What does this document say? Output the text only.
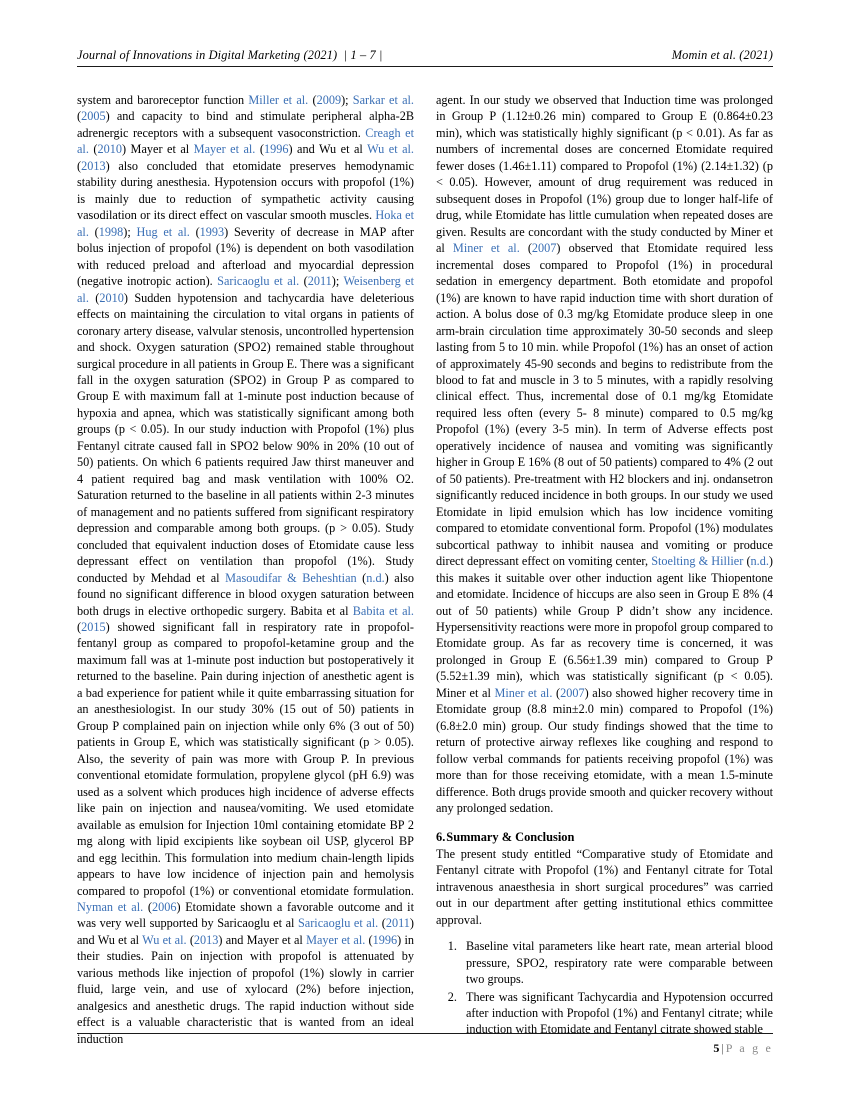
Journal of Innovations in Digital Marketing (2021)  | 1 – 7 |	Momin et al. (2021)

system and baroreceptor function Miller et al. (2009); Sarkar et al. (2005) and capacity to bind and stimulate peripheral alpha-2B adrenergic receptors with a subsequent vasoconstriction. Creagh et al. (2010) Mayer et al Mayer et al. (1996) and Wu et al Wu et al. (2013) also concluded that etomidate preserves hemodynamic stability during anesthesia. Hypotension occurs with propofol (1%) is mainly due to reduction of sympathetic activity causing vasodilation or its direct effect on vascular smooth muscles. Hoka et al. (1998); Hug et al. (1993) Severity of decrease in MAP after bolus injection of propofol (1%) is dependent on both vasodilation with reduced preload and afterload and myocardial depression (negative inotropic action). Saricaoglu et al. (2011); Weisenberg et al. (2010) Sudden hypotension and tachycardia have deleterious effects on maintaining the circulation to vital organs in patients of coronary artery disease, valvular stenosis, uncontrolled hypertension and shock. Oxygen saturation (SPO2) remained stable throughout surgical procedure in all patients in Group E. There was a significant fall in the oxygen saturation (SPO2) in Group P as compared to Group E with maximum fall at 1-minute post induction because of hypoxia and apnea, which was statistically significant among both groups (p < 0.05). In our study induction with Propofol (1%) plus Fentanyl citrate caused fall in SPO2 below 90% in 20% (10 out of 50) patients. On which 6 patients required Jaw thirst maneuver and 4 patient required bag and mask ventilation with 100% O2. Saturation returned to the baseline in all patients within 2-3 minutes of management and no patients suffered from significant respiratory depression and comparable among both groups. (p > 0.05). Study concluded that equivalent induction doses of Etomidate cause less depressant effect on ventilation than propofol (1%). Study conducted by Mehdad et al Masoudifar & Beheshtian (n.d.) also found no significant difference in blood oxygen saturation between both drugs in elective orthopedic surgery. Babita et al Babita et al. (2015) showed significant fall in respiratory rate in propofol-fentanyl group as compared to propofol-ketamine group and the maximum fall was at 1-minute post induction but postoperatively it returned to the baseline. Pain during injection of anesthetic agent is a bad experience for patient while it quite embarrassing situation for an anesthesiologist. In our study 30% (15 out of 50) patients in Group P complained pain on injection while only 6% (3 out of 50) patients in Group E, which was statistically significant (p > 0.05). Also, the severity of pain was more with Group P. In previous conventional etomidate formulation, propylene glycol (pH 6.9) was used as a solvent which produces high incidence of adverse effects like pain on injection and nausea/vomiting. We used etomidate available as emulsion for Injection 10ml containing etomidate BP 2 mg along with lipid excipients like soybean oil USP, glycerol BP and egg lecithin. This formulation into medium chain-length lipids appears to have low incidence of injection pain and hemolysis compared to propofol (1%) or conventional etomidate formulation. Nyman et al. (2006) Etomidate shown a favorable outcome and it was very well supported by Saricaoglu et al Saricaoglu et al. (2011) and Wu et al Wu et al. (2013) and Mayer et al Mayer et al. (1996) in their studies. Pain on injection with propofol is attenuated by various methods like injection of propofol (1%) slowly in carrier fluid, large vein, and use of xylocard (2%) before injection, analgesics and anesthetic drugs. The rapid induction without side effect is a valuable characteristic that is wanted from an ideal induction

agent. In our study we observed that Induction time was prolonged in Group P (1.12±0.26 min) compared to Group E (0.864±0.23 min), which was statistically highly significant (p < 0.01). As far as numbers of incremental doses are concerned Etomidate required fewer doses (1.46±1.11) compared to Propofol (1%) (2.14±1.32) (p < 0.05). However, amount of drug requirement was reduced in subsequent doses in Propofol (1%) group due to longer half-life of drug, while Etomidate has little cumulation when repeated doses are given. Results are concordant with the study conducted by Miner et al Miner et al. (2007) observed that Etomidate required less incremental doses compared to Propofol (1%) in procedural sedation in emergency department. Both etomidate and propofol (1%) are known to have rapid induction time with short duration of action. A bolus dose of 0.3 mg/kg Etomidate produce sleep in one arm-brain circulation time approximately 30-50 seconds and sleep lasting from 5 to 10 min. while Propofol (1%) has an onset of action of approximately 45-90 seconds and begins to redistribute from the blood to fat and muscle in 3 to 5 minutes, with a rapidly resolving clinical effect. Thus, incremental dose of 0.1 mg/kg Etomidate required less often (every 5- 8 minute) compared to 0.5 mg/kg Propofol (1%) (every 3-5 min). In term of Adverse effects post operatively incidence of nausea and vomiting was significantly higher in Group E 16% (8 out of 50 patients) compared to 4% (2 out of 50 patients). Pre-treatment with H2 blockers and inj. ondansetron significantly reduced incidence in both groups. In our study we used Etomidate in lipid emulsion which has low incidence vomiting compared to etomidate conventional form. Propofol (1%) modulates subcortical pathway to inhibit nausea and vomiting or produce direct depressant effect on vomiting center, Stoelting & Hillier (n.d.) this makes it suitable over other induction agent like Thiopentone and etomidate. Incidence of hiccups are also seen in Group E 8% (4 out of 50 patients) while Group P didn’t show any incidence. Hypersensitivity reactions were more in propofol group compared to Etomidate group. As far as recovery time is concerned, it was prolonged in Group E (6.56±1.39 min) compared to Group P (5.52±1.39 min), which was statistically significant (p < 0.05). Miner et al Miner et al. (2007) also showed higher recovery time in Etomidate group (8.8 min±2.0 min) compared to Propofol (1%) (6.8±2.0 min) group. Our study findings showed that the time to return of protective airway reflexes like coughing and respond to follow verbal commands for patients receiving propofol (1%) was more than for those receiving etomidate, with a mean 1.5-minute difference. Both drugs provide smooth and quicker recovery without any prolonged sedation.

6.Summary & Conclusion

The present study entitled “Comparative study of Etomidate and Fentanyl citrate with Propofol (1%) and Fentanyl citrate for Total intravenous anaesthesia in short surgical procedures” was carried out in our department after getting institutional ethics committee approval.

1. Baseline vital parameters like heart rate, mean arterial blood pressure, SPO2, respiratory rate were comparable between two groups.
2. There was significant Tachycardia and Hypotension occurred after induction with Propofol (1%) and Fentanyl citrate; while induction with Etomidate and Fentanyl citrate showed stable
5 | P a g e
